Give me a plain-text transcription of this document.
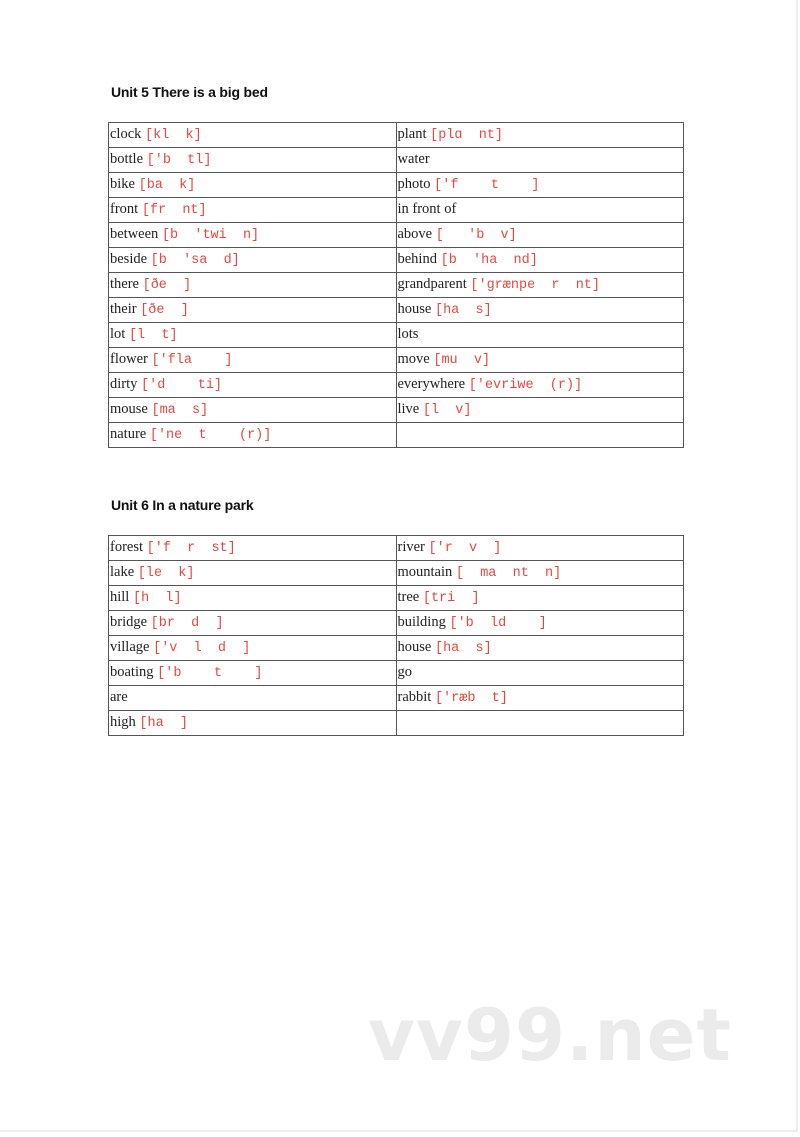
Unit 5 There is a big bed
clock [kl  k]	plant [plɑ  nt]
bottle ['b  tl]	water
bike [ba  k]	photo ['f    t    ]
front [fr  nt]	in front of
between [b  'twi  n]	above [   'b  v]
beside [b  'sa  d]	behind [b  'ha  nd]
there [ðe  ]	grandparent ['grænpe  r  nt]
their [ðe  ]	house [ha  s]
lot [l  t]	lots
flower ['fla    ]	move [mu  v]
dirty ['d    ti]	everywhere ['evriwe  (r)]
mouse [ma  s]	live [l  v]
nature ['ne  t    (r)]	
Unit 6 In a nature park
forest ['f  r  st]	river ['r  v  ]
lake [le  k]	mountain [  ma  nt  n]
hill [h  l]	tree [tri  ]
bridge [br  d  ]	building ['b  ld    ]
village ['v  l  d  ]	house [ha  s]
boating ['b    t    ]	go
are	rabbit ['ræb  t]
high [ha  ]	
vv99.net
